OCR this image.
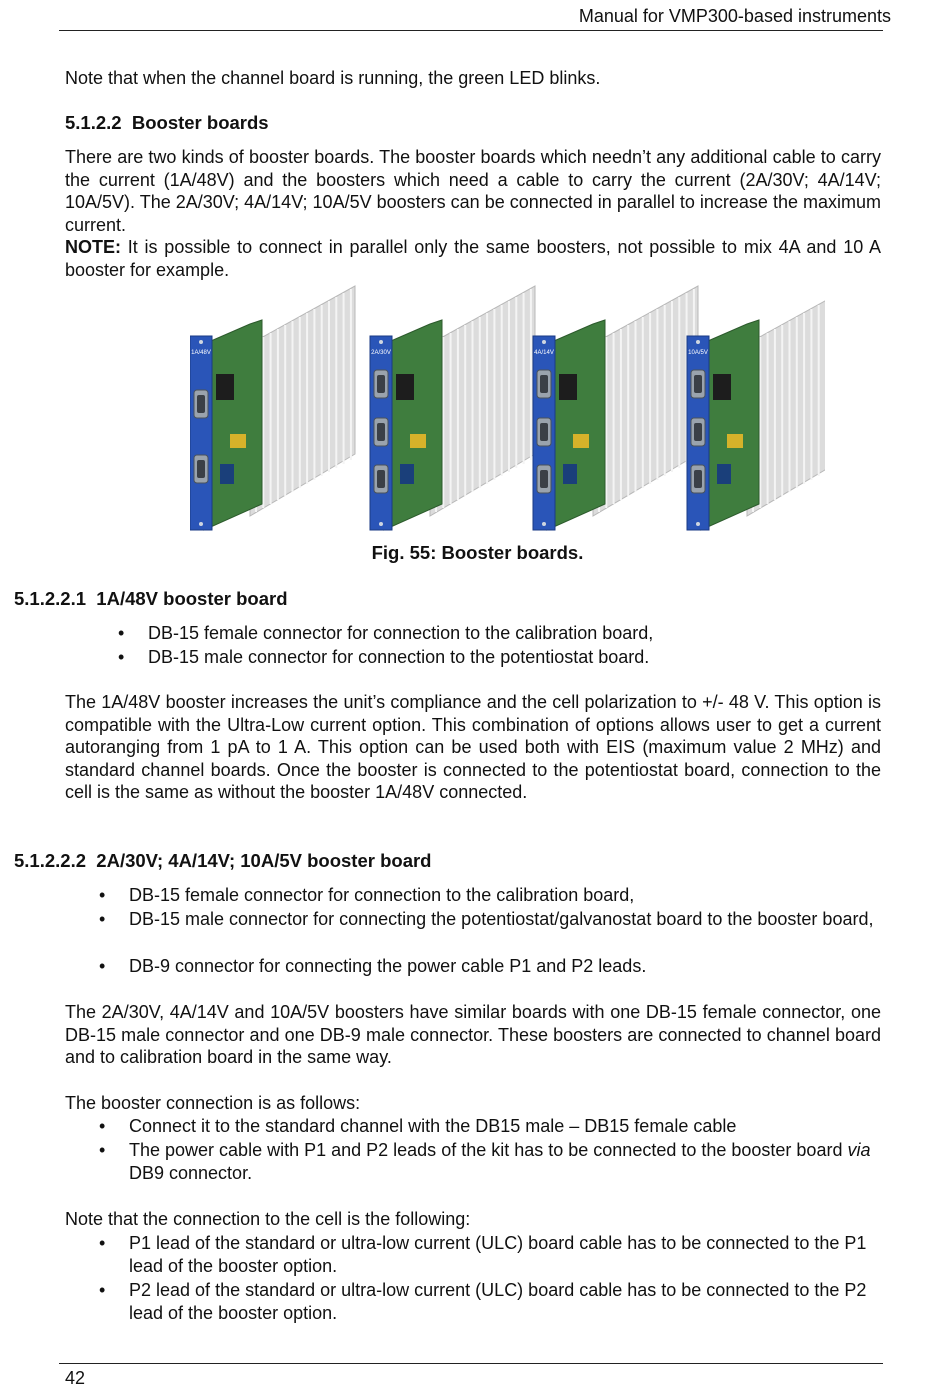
Manual for VMP300-based instruments

Note that when the channel board is running, the green LED blinks.

5.1.2.2 Booster boards

There are two kinds of booster boards. The booster boards which needn’t any additional cable to carry the current (1A/48V) and the boosters which need a cable to carry the current (2A/30V; 4A/14V; 10A/5V). The 2A/30V; 4A/14V; 10A/5V boosters can be connected in parallel to increase the maximum current.
NOTE: It is possible to connect in parallel only the same boosters, not possible to mix 4A and 10 A booster for example.

1A/48V	2A/30V	4A/14V	10A/5V
Fig. 55: Booster boards.
5.1.2.2.1 1A/48V booster board
•	DB-15 female connector for connection to the calibration board,
•	DB-15 male connector for connection to the potentiostat board.

The 1A/48V booster increases the unit’s compliance and the cell polarization to +/- 48 V. This option is compatible with the Ultra-Low current option. This combination of options allows user to get a current autoranging from 1 pA to 1 A. This option can be used both with EIS (maximum value 2 MHz) and standard channel boards. Once the booster is connected to the potentiostat board, connection to the cell is the same as without the booster 1A/48V connected.

5.1.2.2.2 2A/30V; 4A/14V; 10A/5V booster board
•	DB-15 female connector for connection to the calibration board,
•	DB-15 male connector for connecting the potentiostat/galvanostat board to the booster board,
•	DB-9 connector for connecting the power cable P1 and P2 leads.

The 2A/30V, 4A/14V and 10A/5V boosters have similar boards with one DB-15 female connector, one DB-15 male connector and one DB-9 male connector. These boosters are connected to channel board and to calibration board in the same way.

The booster connection is as follows:

•	Connect it to the standard channel with the DB15 male – DB15 female cable
•	The power cable with P1 and P2 leads of the kit has to be connected to the booster board via DB9 connector.

Note that the connection to the cell is the following:

•	P1 lead of the standard or ultra-low current (ULC) board cable has to be connected to the P1 lead of the booster option.
•	P2 lead of the standard or ultra-low current (ULC) board cable has to be connected to the P2 lead of the booster option.
42
